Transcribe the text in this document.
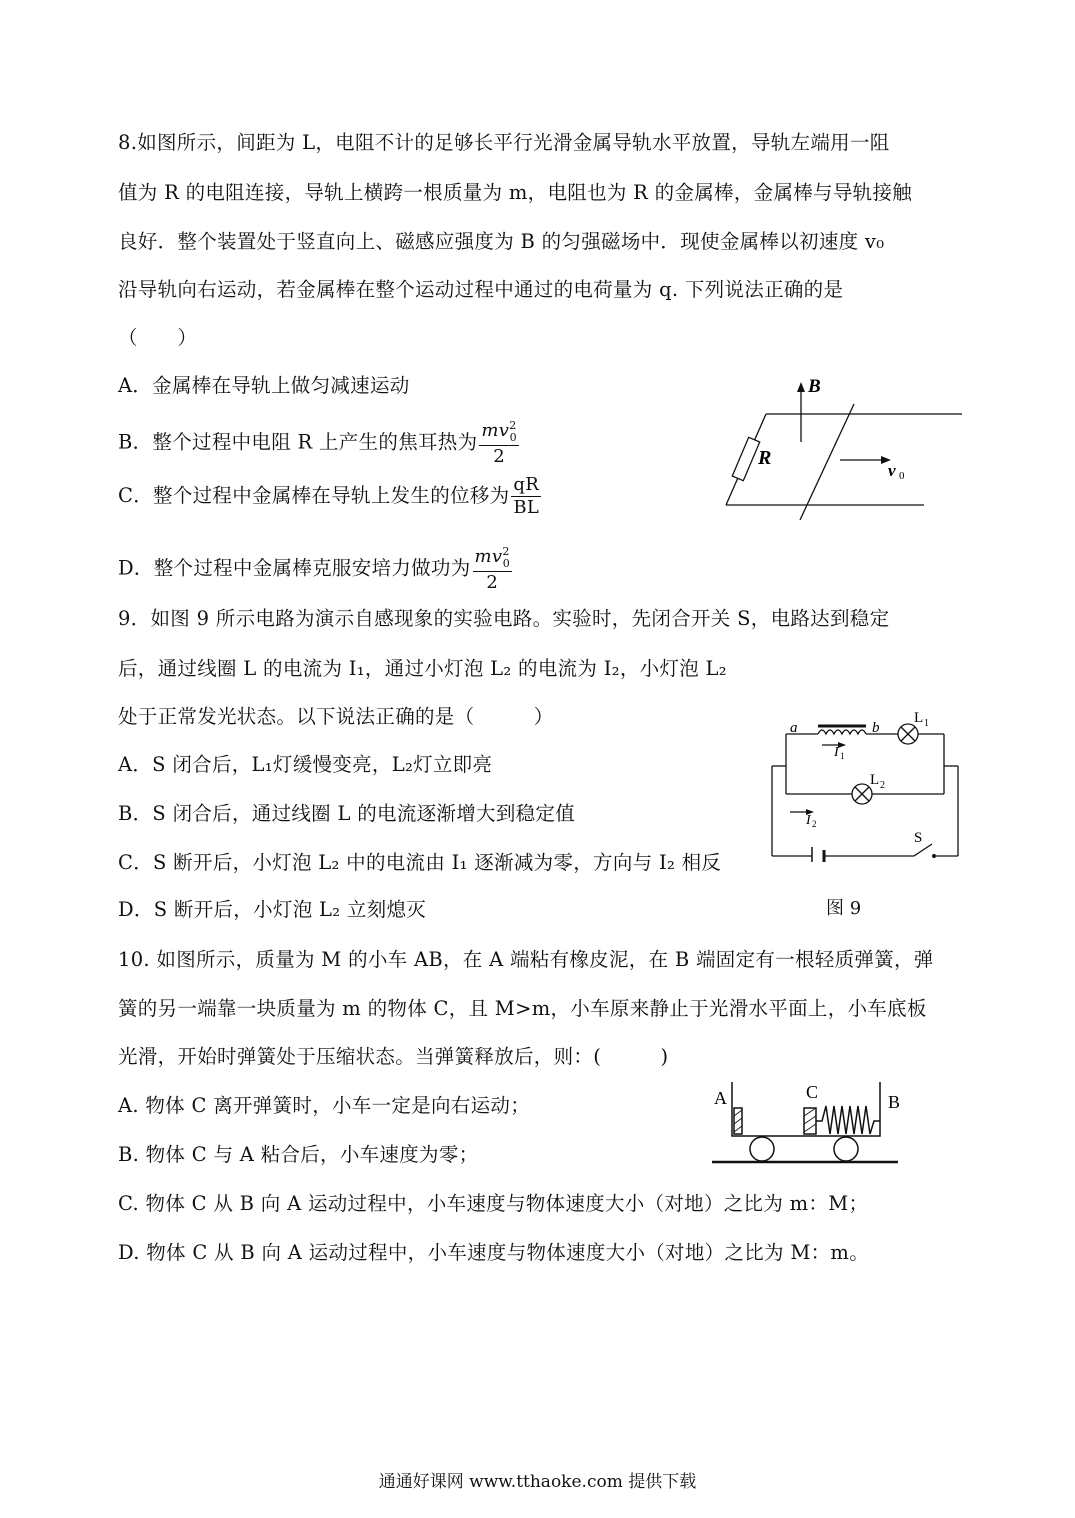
8.如图所示，间距为 L，电阻不计的足够长平行光滑金属导轨水平放置，导轨左端用一阻
值为 R 的电阻连接，导轨上横跨一根质量为 m，电阻也为 R 的金属棒，金属棒与导轨接触
良好．整个装置处于竖直向上、磁感应强度为 B 的匀强磁场中．现使金属棒以初速度 v₀
沿导轨向右运动，若金属棒在整个运动过程中通过的电荷量为 q. 下列说法正确的是
（　　）
A．金属棒在导轨上做匀减速运动
B．整个过程中电阻 R 上产生的焦耳热为 $\frac{mv^2_0}{2}$
C．整个过程中金属棒在导轨上发生的位移为 $\frac{qR}{BL}$
D．整个过程中金属棒克服安培力做功为 $\frac{mv^2_0}{2}$
B
R
v 0
9．如图 9 所示电路为演示自感现象的实验电路。实验时，先闭合开关 S，电路达到稳定
后，通过线圈 L 的电流为 I₁，通过小灯泡 L₂ 的电流为 I₂，小灯泡 L₂
处于正常发光状态。以下说法正确的是（　　　）
A．S 闭合后，L₁灯缓慢变亮，L₂灯立即亮
B．S 闭合后，通过线圈 L 的电流逐渐增大到稳定值
C．S 断开后，小灯泡 L₂ 中的电流由 I₁ 逐渐减为零，方向与 I₂ 相反
D．S 断开后，小灯泡 L₂ 立刻熄灭
a	b
L 1
L 2
I 1
I 2
S
图 9
10. 如图所示，质量为 M 的小车 AB，在 A 端粘有橡皮泥，在 B 端固定有一根轻质弹簧，弹
簧的另一端靠一块质量为 m 的物体 C，且 M>m，小车原来静止于光滑水平面上，小车底板
光滑，开始时弹簧处于压缩状态。当弹簧释放后，则：(　　　)
A. 物体 C 离开弹簧时，小车一定是向右运动；
B. 物体 C 与 A 粘合后，小车速度为零；
C. 物体 C 从 B 向 A 运动过程中，小车速度与物体速度大小（对地）之比为 m：M；
D. 物体 C 从 B 向 A 运动过程中，小车速度与物体速度大小（对地）之比为 M：m。
A	C	B
通通好课网 www.tthaoke.com 提供下载
